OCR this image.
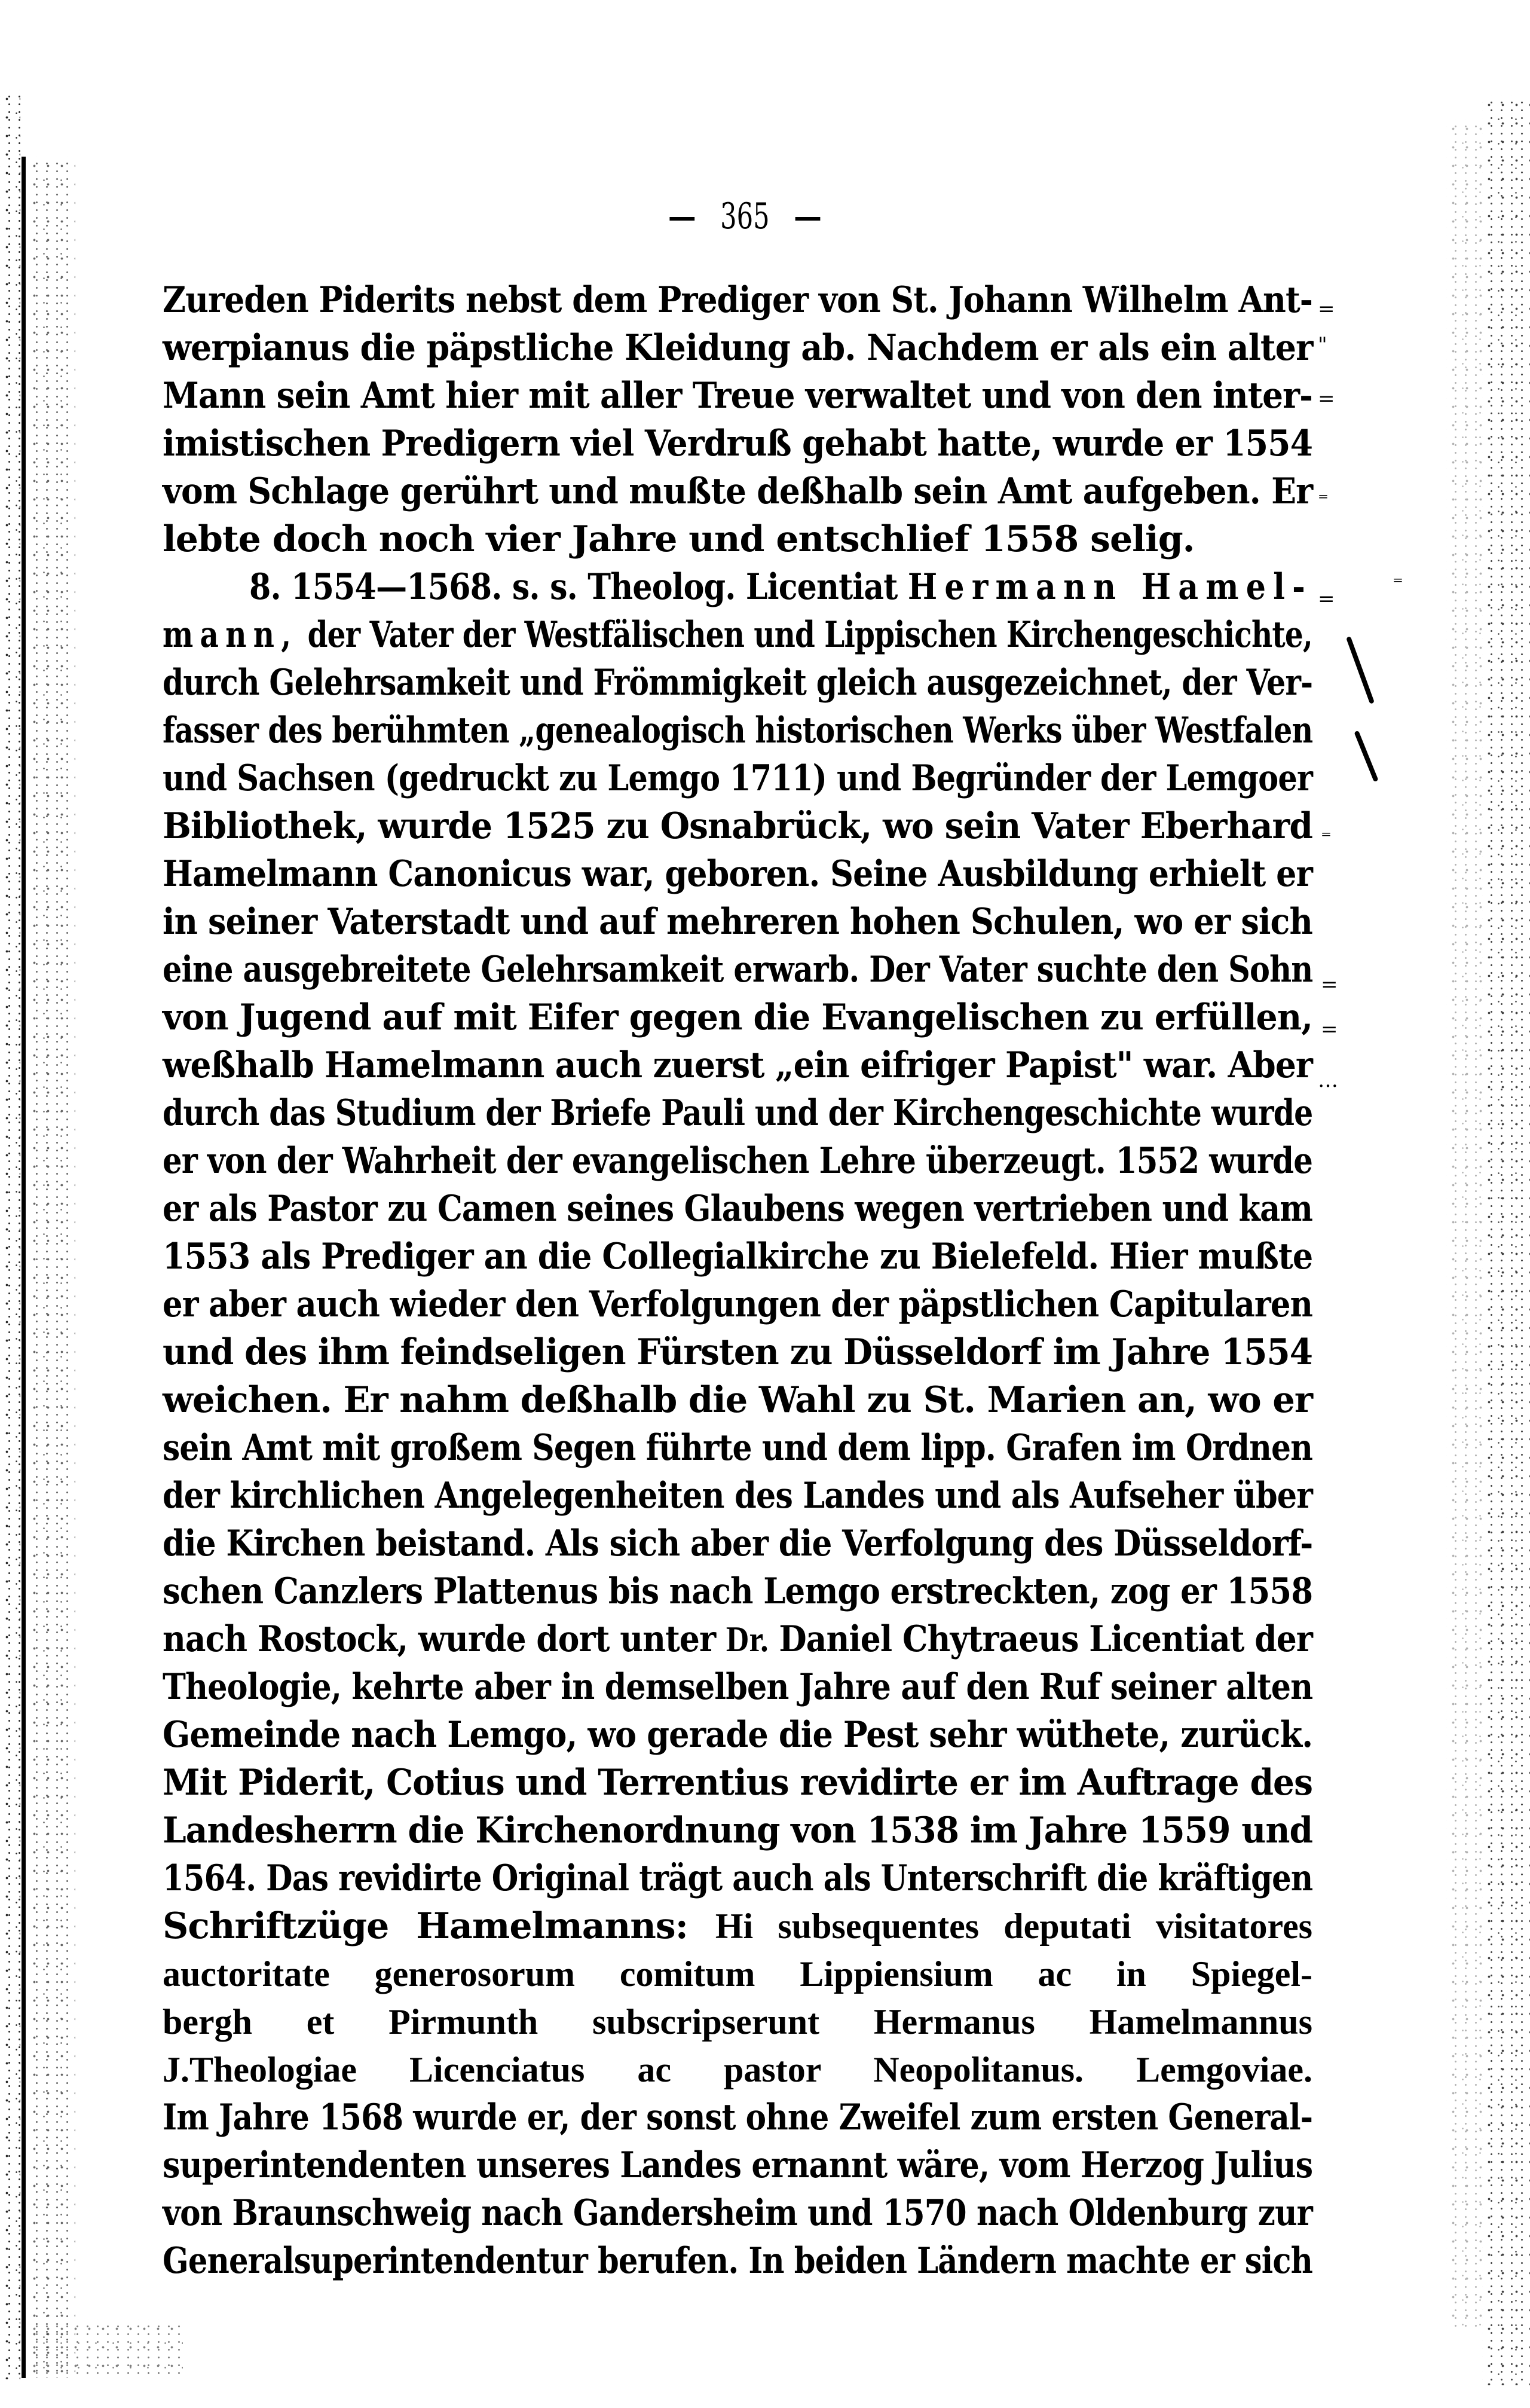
365
Zureden Piderits nebst dem Prediger von St. Johann Wilhelm Ant-
werpianus die päpstliche Kleidung ab. Nachdem er als ein alter
Mann sein Amt hier mit aller Treue verwaltet und von den inter-
imistischen Predigern viel Verdruß gehabt hatte, wurde er 1554
vom Schlage gerührt und mußte deßhalb sein Amt aufgeben. Er
lebte doch noch vier Jahre und entschlief 1558 selig.
8. 1554—1568. s. s. Theolog. Licentiat Hermann Hamel-
mann, der Vater der Westfälischen und Lippischen Kirchengeschichte,
durch Gelehrsamkeit und Frömmigkeit gleich ausgezeichnet, der Ver-
fasser des berühmten „genealogisch historischen Werks über Westfalen
und Sachsen (gedruckt zu Lemgo 1711) und Begründer der Lemgoer
Bibliothek, wurde 1525 zu Osnabrück, wo sein Vater Eberhard
Hamelmann Canonicus war, geboren. Seine Ausbildung erhielt er
in seiner Vaterstadt und auf mehreren hohen Schulen, wo er sich
eine ausgebreitete Gelehrsamkeit erwarb. Der Vater suchte den Sohn
von Jugend auf mit Eifer gegen die Evangelischen zu erfüllen,
weßhalb Hamelmann auch zuerst „ein eifriger Papist" war. Aber
durch das Studium der Briefe Pauli und der Kirchengeschichte wurde
er von der Wahrheit der evangelischen Lehre überzeugt. 1552 wurde
er als Pastor zu Camen seines Glaubens wegen vertrieben und kam
1553 als Prediger an die Collegialkirche zu Bielefeld. Hier mußte
er aber auch wieder den Verfolgungen der päpstlichen Capitularen
und des ihm feindseligen Fürsten zu Düsseldorf im Jahre 1554
weichen. Er nahm deßhalb die Wahl zu St. Marien an, wo er
sein Amt mit großem Segen führte und dem lipp. Grafen im Ordnen
der kirchlichen Angelegenheiten des Landes und als Aufseher über
die Kirchen beistand. Als sich aber die Verfolgung des Düsseldorf-
schen Canzlers Plattenus bis nach Lemgo erstreckten, zog er 1558
nach Rostock, wurde dort unter Dr. Daniel Chytraeus Licentiat der
Theologie, kehrte aber in demselben Jahre auf den Ruf seiner alten
Gemeinde nach Lemgo, wo gerade die Pest sehr wüthete, zurück.
Mit Piderit, Cotius und Terrentius revidirte er im Auftrage des
Landesherrn die Kirchenordnung von 1538 im Jahre 1559 und
1564. Das revidirte Original trägt auch als Unterschrift die kräftigen
Schriftzüge Hamelmanns: Hi subsequentes deputati visitatores
auctoritate generosorum comitum Lippiensium ac in Spiegel-
bergh et Pirmunth subscripserunt Hermanus Hamelmannus
J.Theologiae Licenciatus ac pastor Neopolitanus. Lemgoviae.
Im Jahre 1568 wurde er, der sonst ohne Zweifel zum ersten General-
superintendenten unseres Landes ernannt wäre, vom Herzog Julius
von Braunschweig nach Gandersheim und 1570 nach Oldenburg zur
Generalsuperintendentur berufen. In beiden Ländern machte er sich
=
"
=
⁼
=
⁼
⁼
=
=
…
